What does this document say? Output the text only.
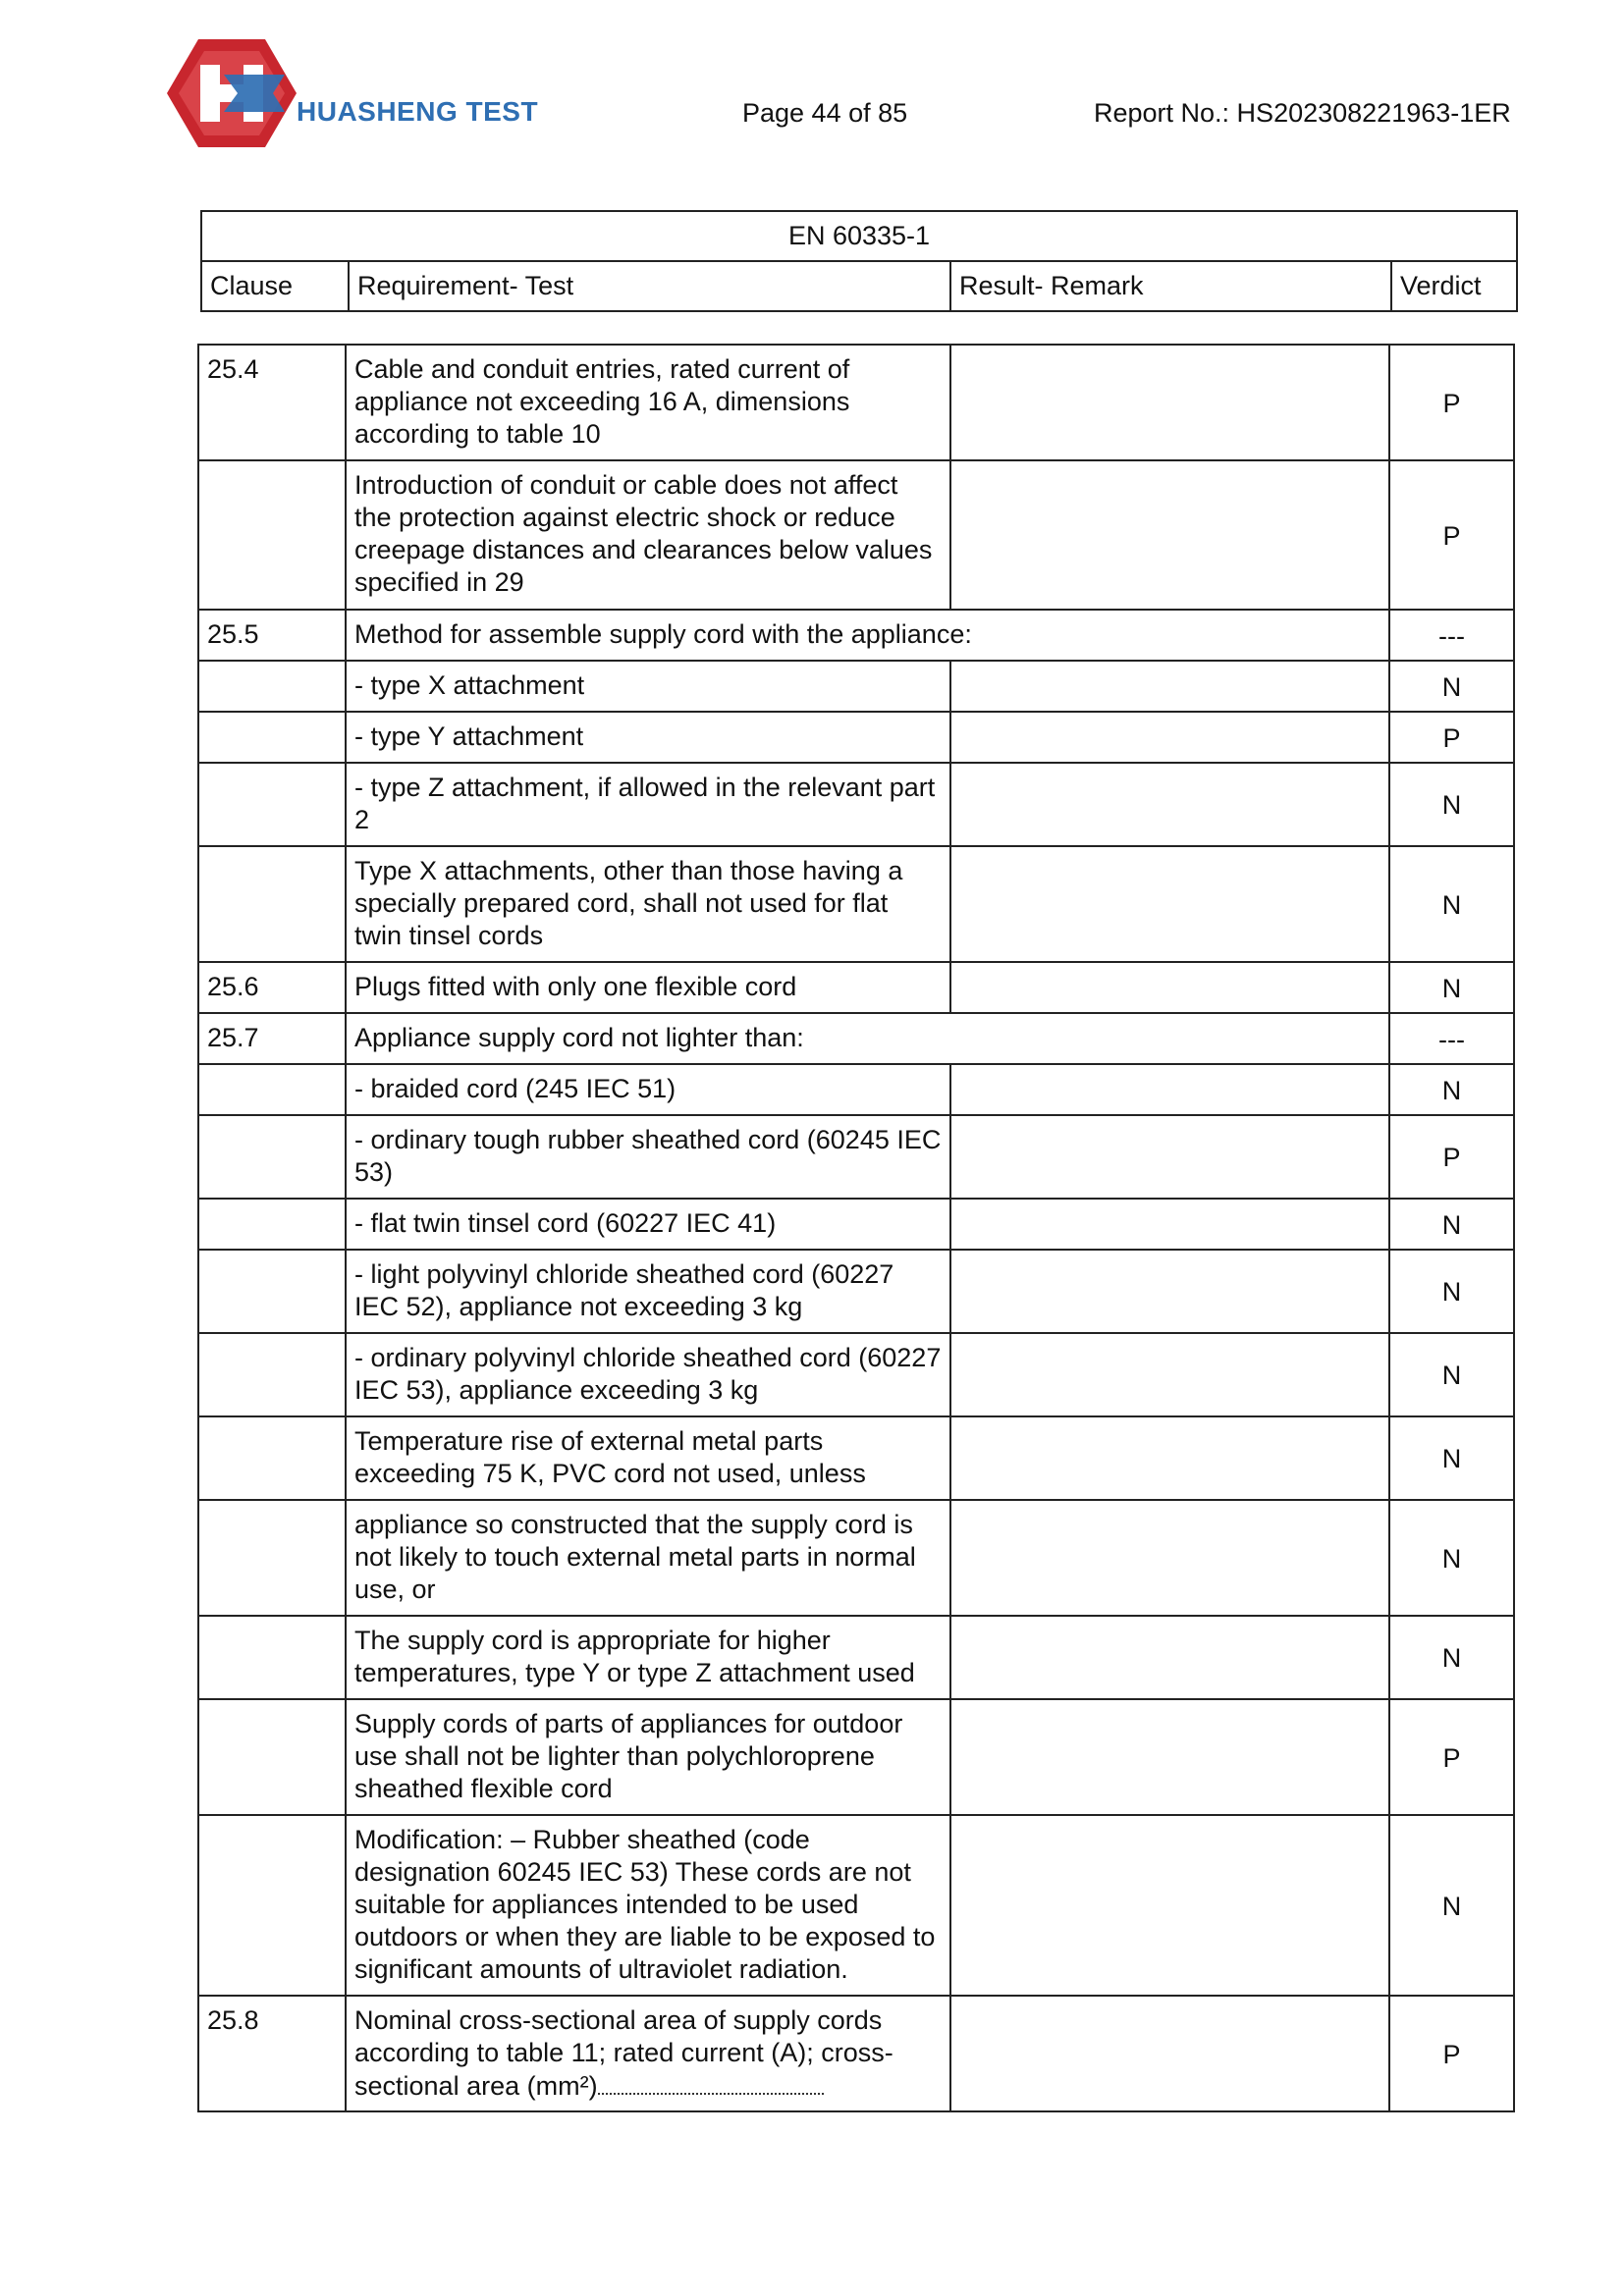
HUASHENG TEST	Page 44 of 85	Report No.: HS202308221963-1ER
EN 60335-1
Clause	Requirement- Test	Result- Remark	Verdict
25.4	Cable and conduit entries, rated current of appliance not exceeding 16 A, dimensions according to table 10		P
	Introduction of conduit or cable does not affect the protection against electric shock or reduce creepage distances and clearances below values specified in 29		P
25.5	Method for assemble supply cord with the appliance:		---
	- type X attachment		N
	- type Y attachment		P
	- type Z attachment, if allowed in the relevant part 2		N
	Type X attachments, other than those having a specially prepared cord, shall not used for flat twin tinsel cords		N
25.6	Plugs fitted with only one flexible cord		N
25.7	Appliance supply cord not lighter than:		---
	- braided cord (245 IEC 51)		N
	- ordinary tough rubber sheathed cord (60245 IEC 53)		P
	- flat twin tinsel cord (60227 IEC 41)		N
	- light polyvinyl chloride sheathed cord (60227 IEC 52), appliance not exceeding 3 kg		N
	- ordinary polyvinyl chloride sheathed cord (60227 IEC 53), appliance exceeding 3 kg		N
	Temperature rise of external metal parts exceeding 75 K, PVC cord not used, unless		N
	appliance so constructed that the supply cord is not likely to touch external metal parts in normal use, or		N
	The supply cord is appropriate for higher temperatures, type Y or type Z attachment used		N
	Supply cords of parts of appliances for outdoor use shall not be lighter than polychloroprene sheathed flexible cord		P
	Modification: – Rubber sheathed (code designation 60245 IEC 53) These cords are not suitable for appliances intended to be used outdoors or when they are liable to be exposed to significant amounts of ultraviolet radiation.		N
25.8	Nominal cross-sectional area of supply cords according to table 11; rated current (A); cross-sectional area (mm²)		P
